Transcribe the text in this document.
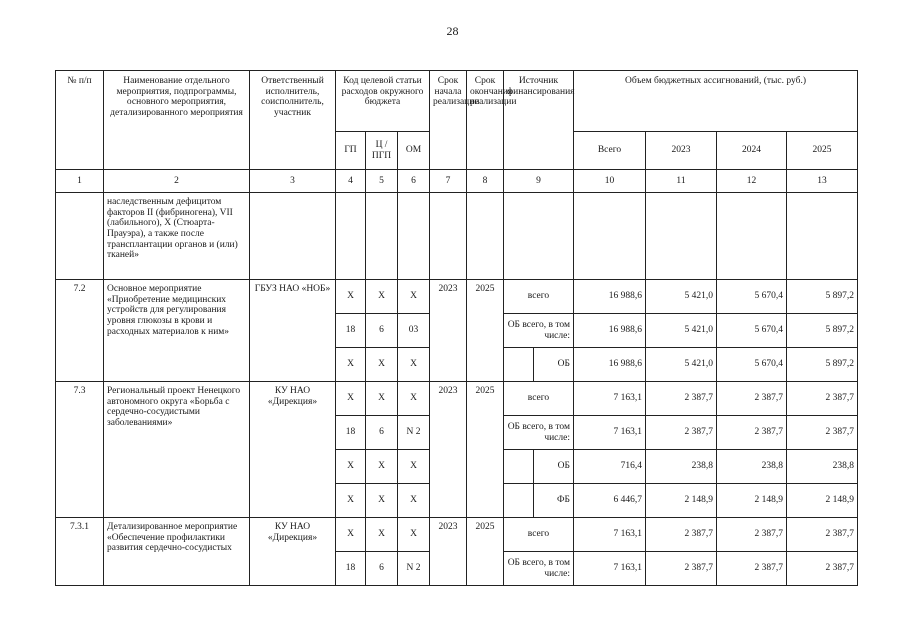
28
№ п/п	Наименование отдельного мероприятия, подпрограммы, основного мероприятия, детализированного мероприятия	Ответственный исполнитель, соисполнитель, участник	Код целевой статьи расходов окружного бюджета			Срок начала реализации	Срок окончания реализации	Источник финансирования		Объем бюджетных ассигнований, (тыс. руб.)			
			ГП	Ц / ПГП	ОМ					Всего	2023	2024	2025
1	2	3	4	5	6	7	8	9		10	11	12	13
	наследственным дефицитом факторов II (фибриногена), VII (лабильного), X (Стюарта-Прауэра), а также после трансплантации органов и (или) тканей»												
7.2	Основное мероприятие «Приобретение медицинских устройств для регулирования уровня глюкозы в крови и расходных материалов к ним»	ГБУЗ НАО «НОБ»	Х	Х	Х	2023	2025	всего		16 988,6	5 421,0	5 670,4	5 897,2
			18	6	03			ОБ всего, в том числе:		16 988,6	5 421,0	5 670,4	5 897,2
			Х	Х	Х				ОБ	16 988,6	5 421,0	5 670,4	5 897,2
7.3	Региональный проект Ненецкого автономного округа «Борьба с сердечно-сосудистыми заболеваниями»	КУ НАО «Дирекция»	Х	Х	Х	2023	2025	всего		7 163,1	2 387,7	2 387,7	2 387,7
			18	6	N 2			ОБ всего, в том числе:		7 163,1	2 387,7	2 387,7	2 387,7
			Х	Х	Х				ОБ	716,4	238,8	238,8	238,8
			Х	Х	Х				ФБ	6 446,7	2 148,9	2 148,9	2 148,9
7.3.1	Детализированное мероприятие «Обеспечение профилактики развития сердечно-сосудистых	КУ НАО «Дирекция»	Х	Х	Х	2023	2025	всего		7 163,1	2 387,7	2 387,7	2 387,7
			18	6	N 2			ОБ всего, в том числе:		7 163,1	2 387,7	2 387,7	2 387,7
